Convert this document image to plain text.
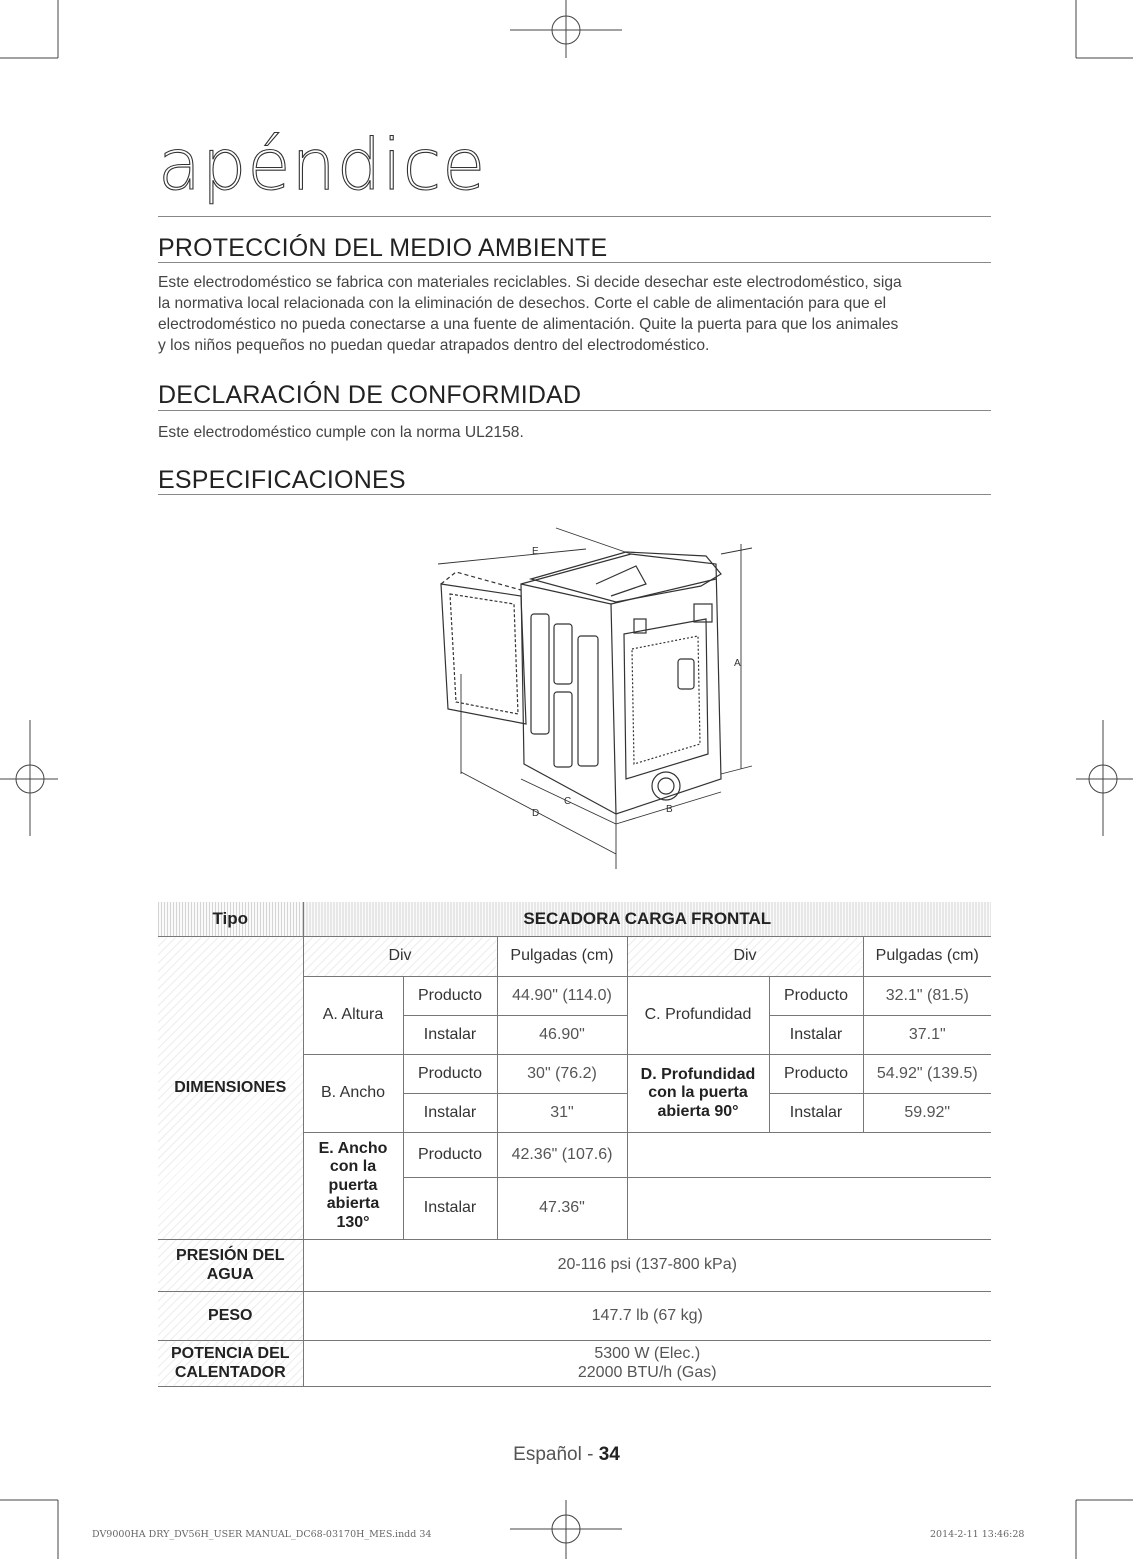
apéndice
PROTECCIÓN DEL MEDIO AMBIENTE
Este electrodoméstico se fabrica con materiales reciclables. Si decide desechar este electrodoméstico, siga
la normativa local relacionada con la eliminación de desechos. Corte el cable de alimentación para que el
electrodoméstico no pueda conectarse a una fuente de alimentación. Quite la puerta para que los animales
y los niños pequeños no puedan quedar atrapados dentro del electrodoméstico.
DECLARACIÓN DE CONFORMIDAD
Este electrodoméstico cumple con la norma UL2158.
ESPECIFICACIONES
E
A
B
C
D
Tipo	SECADORA CARGA FRONTAL					
DIMENSIONES	Div		Pulgadas (cm)	Div		Pulgadas (cm)
	A. Altura	Producto	44.90" (114.0)	C. Profundidad	Producto	32.1" (81.5)
		Instalar	46.90"		Instalar	37.1"
	B. Ancho	Producto	30" (76.2)	D. Profundidad con la puerta abierta 90°	Producto	54.92" (139.5)
		Instalar	31"		Instalar	59.92"
	E. Ancho con la puerta abierta 130°	Producto	42.36" (107.6)			
		Instalar	47.36"			
PRESIÓN DEL AGUA	20-116 psi (137-800 kPa)					
PESO	147.7 lb (67 kg)					
POTENCIA DEL CALENTADOR	5300 W (Elec.)
22000 BTU/h (Gas)					
Español - 34
DV9000HA DRY_DV56H_USER MANUAL_DC68-03170H_MES.indd 34	2014-2-11 13:46:28
